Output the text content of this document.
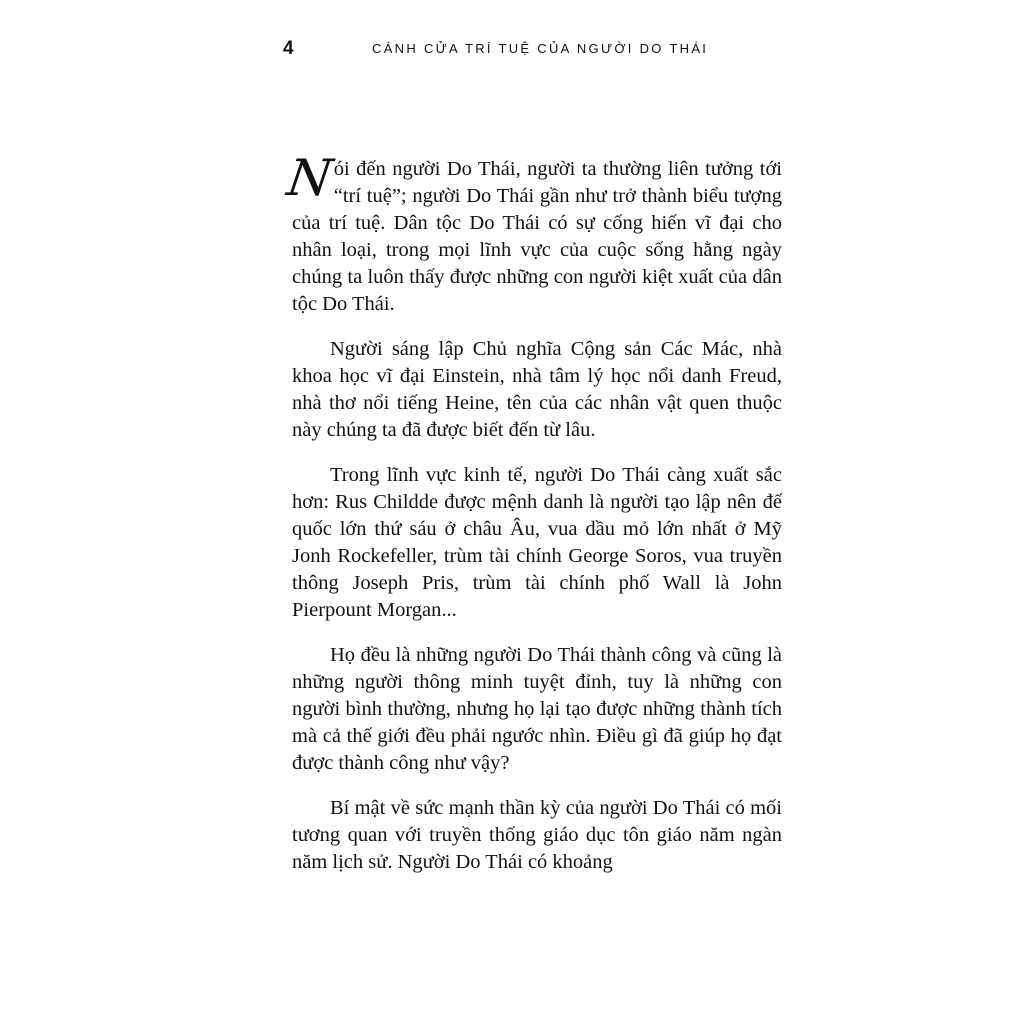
4	CÁNH CỬA TRÍ TUỆ CỦA NGƯỜI DO THÁI

N
ói đến người Do Thái, người ta thường liên tưởng tới “trí tuệ”; người Do Thái gần như trở thành biểu tượng của trí tuệ. Dân tộc Do Thái có sự cống hiến vĩ đại cho nhân loại, trong mọi lĩnh vực của cuộc sống hằng ngày chúng ta luôn thấy được những con người kiệt xuất của dân tộc Do Thái.

Người sáng lập Chủ nghĩa Cộng sản Các Mác, nhà khoa học vĩ đại Einstein, nhà tâm lý học nổi danh Freud, nhà thơ nổi tiếng Heine, tên của các nhân vật quen thuộc này chúng ta đã được biết đến từ lâu.

Trong lĩnh vực kinh tế, người Do Thái càng xuất sắc hơn: Rus Childde được mệnh danh là người tạo lập nên đế quốc lớn thứ sáu ở châu Âu, vua dầu mỏ lớn nhất ở Mỹ Jonh Rockefeller, trùm tài chính George Soros, vua truyền thông Joseph Pris, trùm tài chính phố Wall là John Pierpount Morgan...

Họ đều là những người Do Thái thành công và cũng là những người thông minh tuyệt đỉnh, tuy là những con người bình thường, nhưng họ lại tạo được những thành tích mà cả thế giới đều phải ngước nhìn. Điều gì đã giúp họ đạt được thành công như vậy?

Bí mật về sức mạnh thần kỳ của người Do Thái có mối tương quan với truyền thống giáo dục tôn giáo năm ngàn năm lịch sử. Người Do Thái có khoảng
